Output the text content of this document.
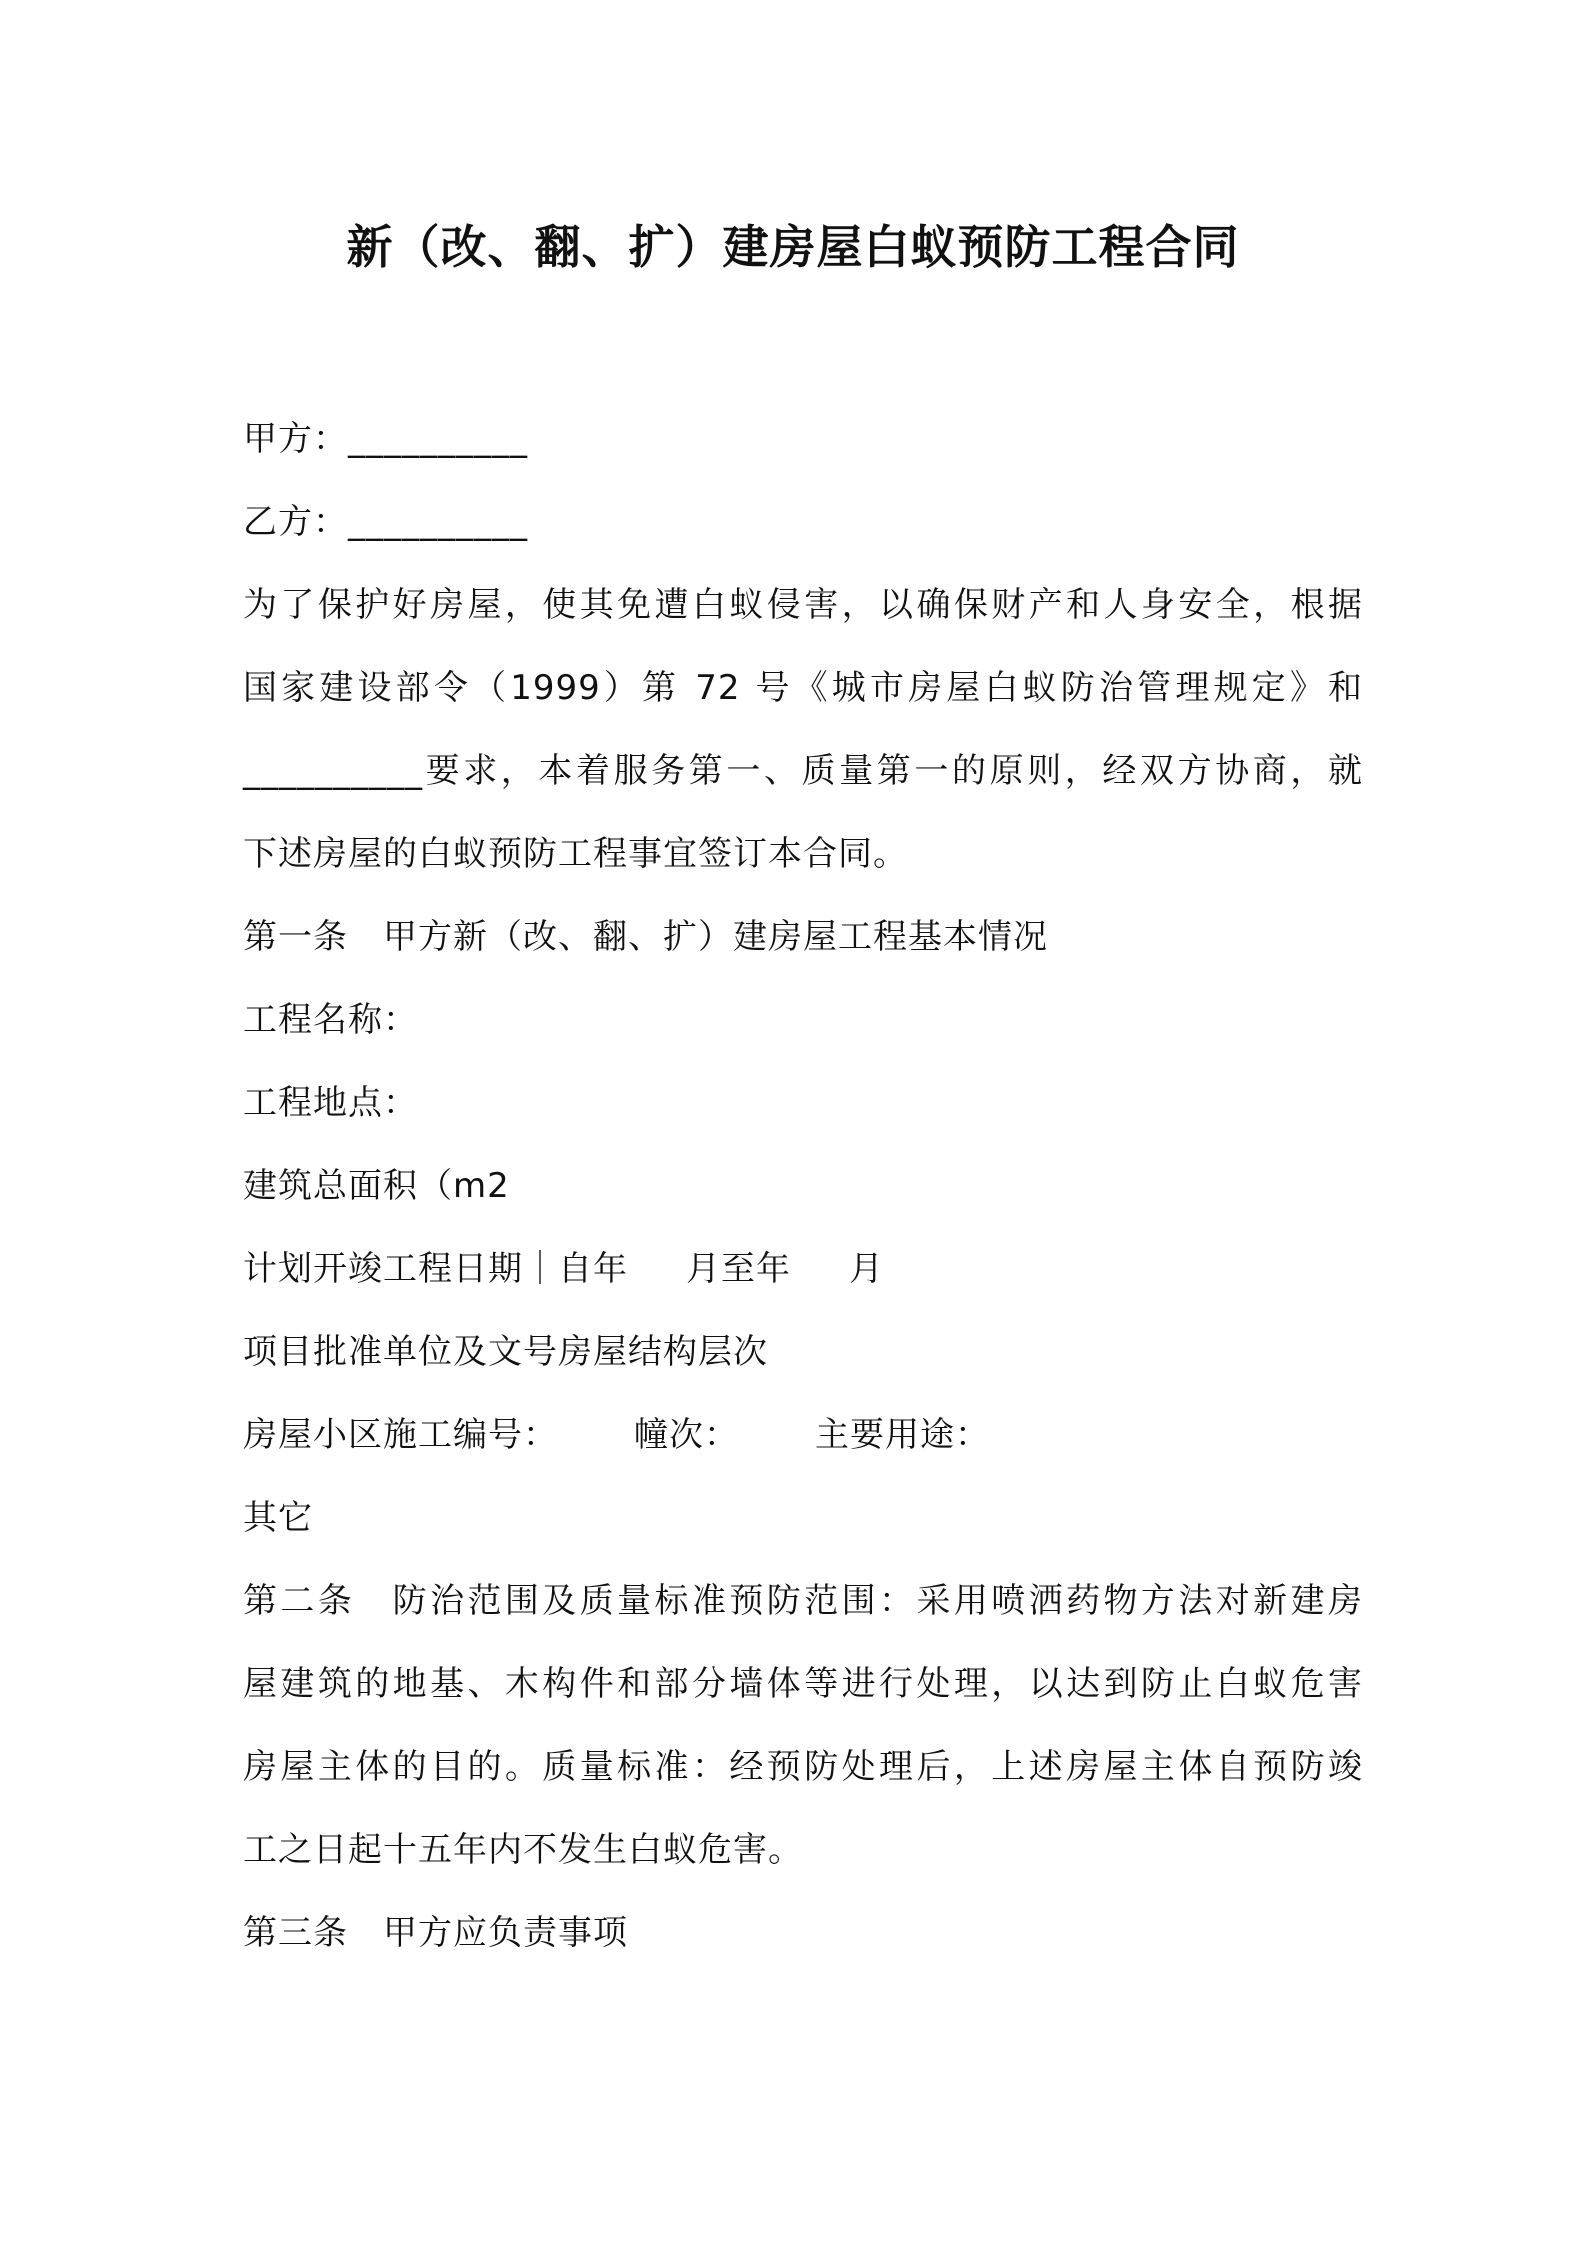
新（改、翻、扩）建房屋白蚁预防工程合同
甲方：__________
乙方：__________
为了保护好房屋，使其免遭白蚁侵害，以确保财产和人身安全，根据
国家建设部令（1999）第 72 号《城市房屋白蚁防治管理规定》和
__________要求，本着服务第一、质量第一的原则，经双方协商，就
下述房屋的白蚁预防工程事宜签订本合同。
第一条　甲方新（改、翻、扩）建房屋工程基本情况
工程名称：
工程地点：
建筑总面积（m2
计划开竣工程日期｜自年 月至年 月
项目批准单位及文号房屋结构层次
房屋小区施工编号： 幢次： 主要用途：
其它
第二条　防治范围及质量标准预防范围：采用喷洒药物方法对新建房
屋建筑的地基、木构件和部分墙体等进行处理，以达到防止白蚁危害
房屋主体的目的。质量标准：经预防处理后，上述房屋主体自预防竣
工之日起十五年内不发生白蚁危害。
第三条　甲方应负责事项
